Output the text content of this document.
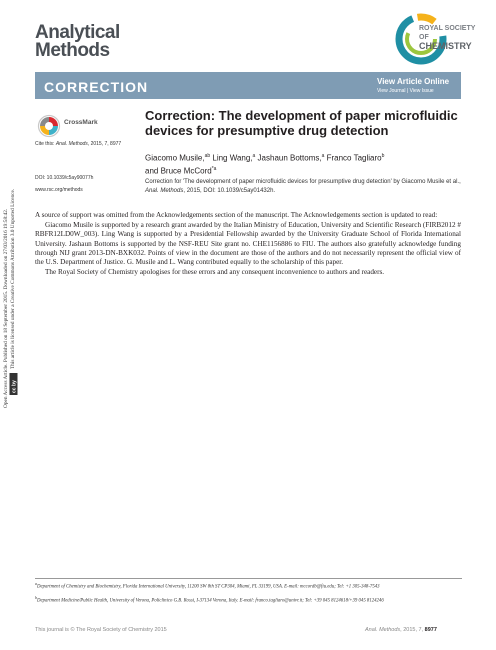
Analytical
Methods
ROYAL SOCIETY
OF
CHEMISTRY
CORRECTION	View Article Online
View Journal | View Issue
CrossMark
Cite this: Anal. Methods, 2015, 7, 8977
DOI: 10.1039/c5ay90077h
www.rsc.org/methods
Correction: The development of paper microfluidic devices for presumptive drug detection
Giacomo Musile,$^{ab}$ Ling Wang,$^a$ Jashaun Bottoms,$^a$ Franco Tagliaro$^b$
and Bruce McCord$^{*a}$
Correction for 'The development of paper microfluidic devices for presumptive drug detection' by Giacomo Musile et al., Anal. Methods, 2015, DOI: 10.1039/c5ay01432h.

A source of support was omitted from the Acknowledgements section of the manuscript. The Acknowledgements section is updated to read:

Giacomo Musile is supported by a research grant awarded by the Italian Ministry of Education, University and Scientific Research (FIRB2012 # RBFR12LD0W_003). Ling Wang is supported by a Presidential Fellowship awarded by the University Graduate School of Florida International University. Jashaun Bottoms is supported by the NSF-REU Site grant no. CHE1156886 to FIU. The authors also gratefully acknowledge funding through NIJ grant 2013-DN-BXK032. Points of view in the document are those of the authors and do not necessarily represent the official view of the U.S. Department of Justice. G. Musile and L. Wang contributed equally to the scholarship of this paper.

The Royal Society of Chemistry apologises for these errors and any consequent inconvenience to authors and readers.

Open Access Article. Published on 18 September 2015. Downloaded on 27/03/2016 19:58:42. This article is licensed under a Creative Commons Attribution 3.0 Unported Licence.
cc by
$^a$Department of Chemistry and Biochemistry, Florida International University, 11200 SW 8th ST CP304, Miami, FL 33199, USA. E-mail: mccordb@fiu.edu; Tel: +1 305-348-7543
$^b$Department Medicine/Public Health, University of Verona, Policlinico G.B. Rossi, I-37134 Verona, Italy. E-mail: franco.tagliaro@univr.it; Tel: +39 045 8124618/+39 045 8124246
This journal is © The Royal Society of Chemistry 2015	Anal. Methods, 2015, 7, 8977
